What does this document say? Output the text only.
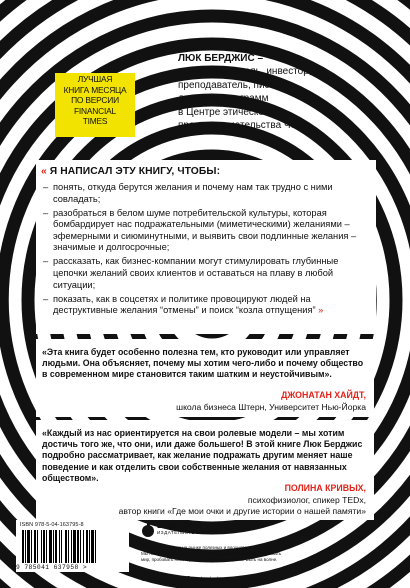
ЛУЧШАЯ
КНИГА МЕСЯЦА
ПО ВЕРСИИ
FINANCIAL
TIMES
ЛЮК БЕРДЖИС –
предприниматель, инвестор,
преподаватель, писатель,
директор программ
в Центре этического
предпринимательства Чокка
« Я НАПИСАЛ ЭТУ КНИГУ, ЧТОБЫ:
– понять, откуда берутся желания и почему нам так трудно с ними совладать;
– разобраться в белом шуме потребительской культуры, которая бомбардирует нас подражательными (миметическими) желаниями – эфемерными и сиюминутными, и выявить свои подлинные желания – значимые и долгосрочные;
– рассказать, как бизнес-компании могут стимулировать глубинные цепочки желаний своих клиентов и оставаться на плаву в любой ситуации;
– показать, как в соцсетях и политике провоцируют людей на деструктивные желания “отмены” и поиск “козла отпущения” »
«Эта книга будет особенно полезна тем, кто руководит или управляет людьми. Она объясняет, почему мы хотим чего-либо и почему общество в современном мире становится таким шатким и неустойчивым».
ДЖОНАТАН ХАЙДТ,
школа бизнеса Штерн, Университет Нью-Йорка
«Каждый из нас ориентируется на свои ролевые модели – мы хотим достичь того же, что они, или даже большего! В этой книге Люк Берджис подробно рассматривает, как желание подражать другим меняет наше поведение и как отделить свои собственные желания от навязанных обществом».
ПОЛИНА КРИВЫХ,
психофизиолог, спикер TEDx,
автор книги «Где мои очки и другие истории о нашей памяти»
ISBN 978-5-04-163795-8
9 785041 637958 >
БОМБОРА
ИЗДАТЕЛЬСТВО
БОМБОРА – лидер на рынке полезных и вдохновляющих книг.
Мы любим книги и создаем их, чтобы вы могли творить, открывать
мир, пробовать новое, расти. Быть счастливыми. Быть на волне.
bombora.ru	bomborabooks	bombora.ru
